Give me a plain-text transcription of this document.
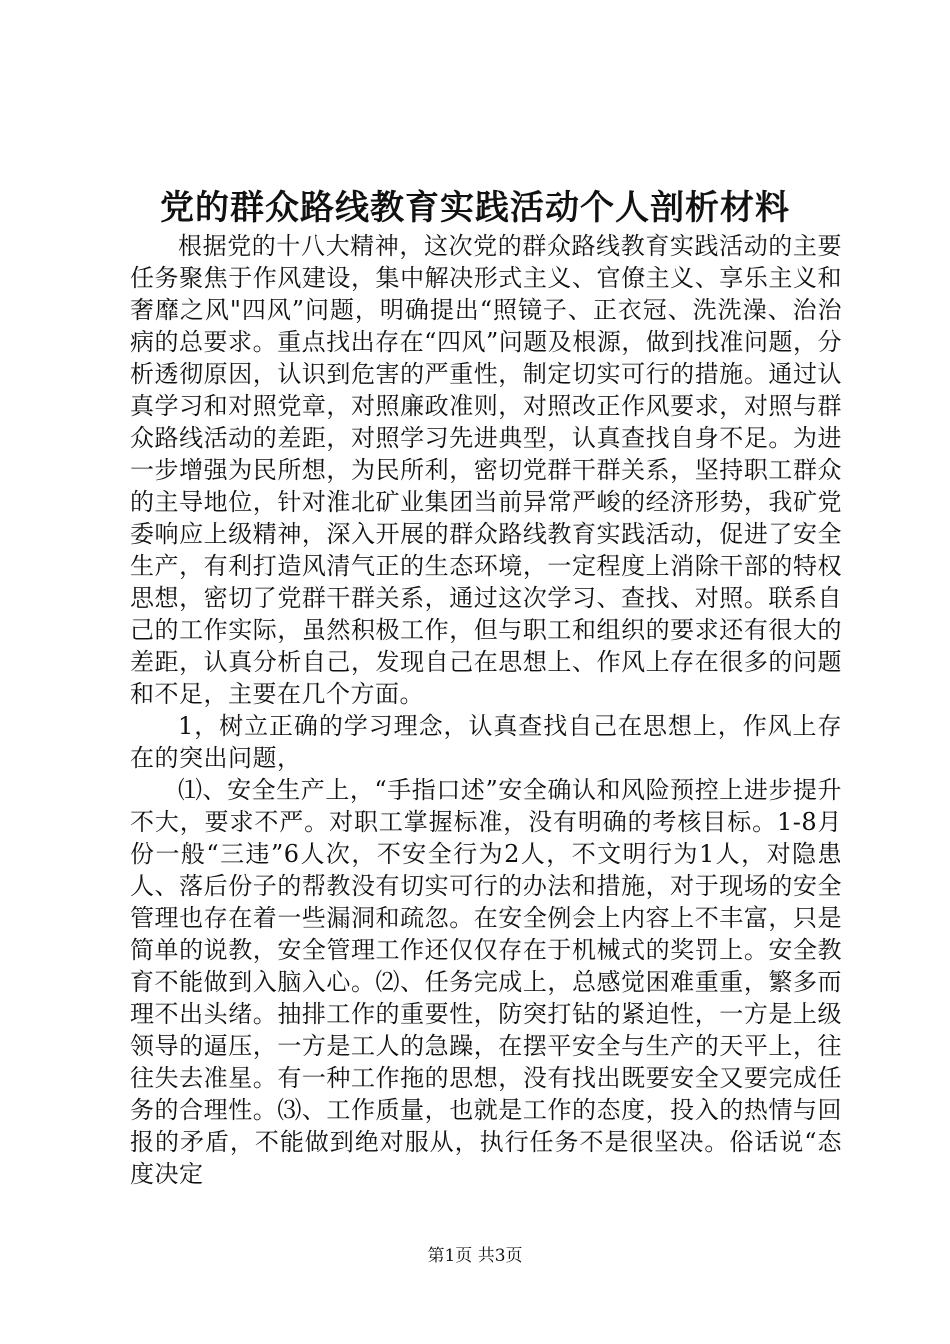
党的群众路线教育实践活动个人剖析材料

根据党的十八大精神，这次党的群众路线教育实践活动的主要任务聚焦于作风建设，集中解决形式主义、官僚主义、享乐主义和奢靡之风"四风”问题，明确提出“照镜子、正衣冠、洗洗澡、治治病的总要求。重点找出存在“四风”问题及根源，做到找准问题，分析透彻原因，认识到危害的严重性，制定切实可行的措施。通过认真学习和对照党章，对照廉政准则，对照改正作风要求，对照与群众路线活动的差距，对照学习先进典型，认真查找自身不足。为进一步增强为民所想，为民所利，密切党群干群关系，坚持职工群众的主导地位，针对淮北矿业集团当前异常严峻的经济形势，我矿党委响应上级精神，深入开展的群众路线教育实践活动，促进了安全生产，有利打造风清气正的生态环境，一定程度上消除干部的特权思想，密切了党群干群关系，通过这次学习、查找、对照。联系自己的工作实际，虽然积极工作，但与职工和组织的要求还有很大的差距，认真分析自己，发现自己在思想上、作风上存在很多的问题和不足，主要在几个方面。

1，树立正确的学习理念，认真查找自己在思想上，作风上存在的突出问题，

⑴、安全生产上，“手指口述”安全确认和风险预控上进步提升不大，要求不严。对职工掌握标准，没有明确的考核目标。1-8月份一般“三违”6人次，不安全行为2人，不文明行为1人，对隐患人、落后份子的帮教没有切实可行的办法和措施，对于现场的安全管理也存在着一些漏洞和疏忽。在安全例会上内容上不丰富，只是简单的说教，安全管理工作还仅仅存在于机械式的奖罚上。安全教育不能做到入脑入心。⑵、任务完成上，总感觉困难重重，繁多而理不出头绪。抽排工作的重要性，防突打钻的紧迫性，一方是上级领导的逼压，一方是工人的急躁，在摆平安全与生产的天平上，往往失去准星。有一种工作拖的思想，没有找出既要安全又要完成任务的合理性。⑶、工作质量，也就是工作的态度，投入的热情与回报的矛盾，不能做到绝对服从，执行任务不是很坚决。俗话说“态度决定

第1页 共3页
